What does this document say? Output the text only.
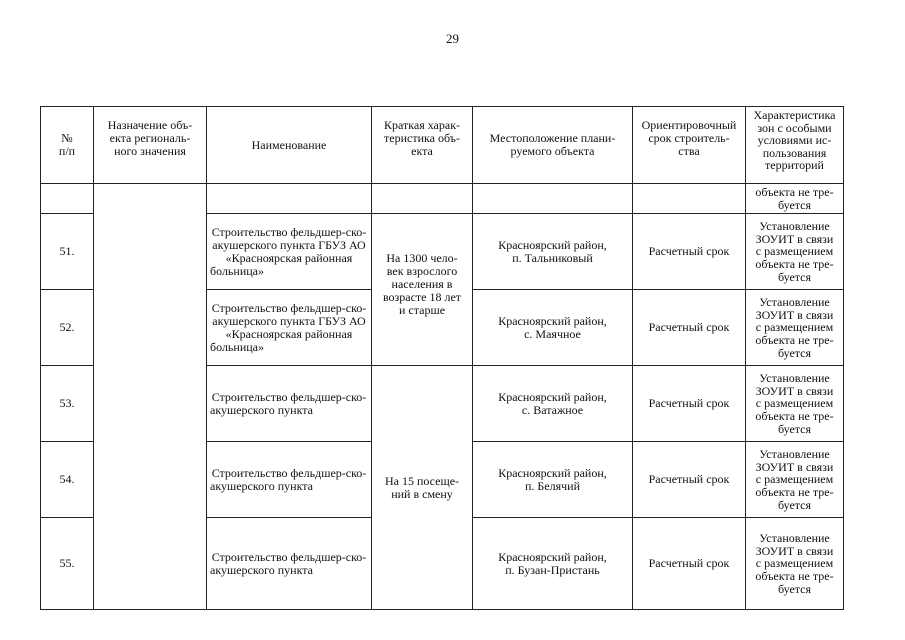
29
№
п/п	Назначение объ-
екта региональ-
ного значения	Наименование	Краткая харак-
теристика объ-
екта	Местоположение плани-
руемого объекта	Ориентировочный
срок строитель-
ства	Характеристика
зон с особыми
условиями ис-
пользования
территорий
						объекта не тре-
буется
51.		Строительство фельдшер-ско-акушерского пункта ГБУЗ АО «Красноярская районная больница»	На 1300 чело-
век взрослого
населения в
возрасте 18 лет
и старше	Красноярский район,
п. Тальниковый	Расчетный срок	Установление
ЗОУИТ в связи
с размещением
объекта не тре-
буется
52.		Строительство фельдшер-ско-акушерского пункта ГБУЗ АО «Красноярская районная больница»		Красноярский район,
с. Маячное	Расчетный срок	Установление
ЗОУИТ в связи
с размещением
объекта не тре-
буется
53.		Строительство фельдшер-ско-акушерского пункта	На 15 посеще-
ний в смену	Красноярский район,
с. Ватажное	Расчетный срок	Установление
ЗОУИТ в связи
с размещением
объекта не тре-
буется
54.		Строительство фельдшер-ско-акушерского пункта		Красноярский район,
п. Белячий	Расчетный срок	Установление
ЗОУИТ в связи
с размещением
объекта не тре-
буется
55.		Строительство фельдшер-ско-акушерского пункта		Красноярский район,
п. Бузан-Пристань	Расчетный срок	Установление
ЗОУИТ в связи
с размещением
объекта не тре-
буется
